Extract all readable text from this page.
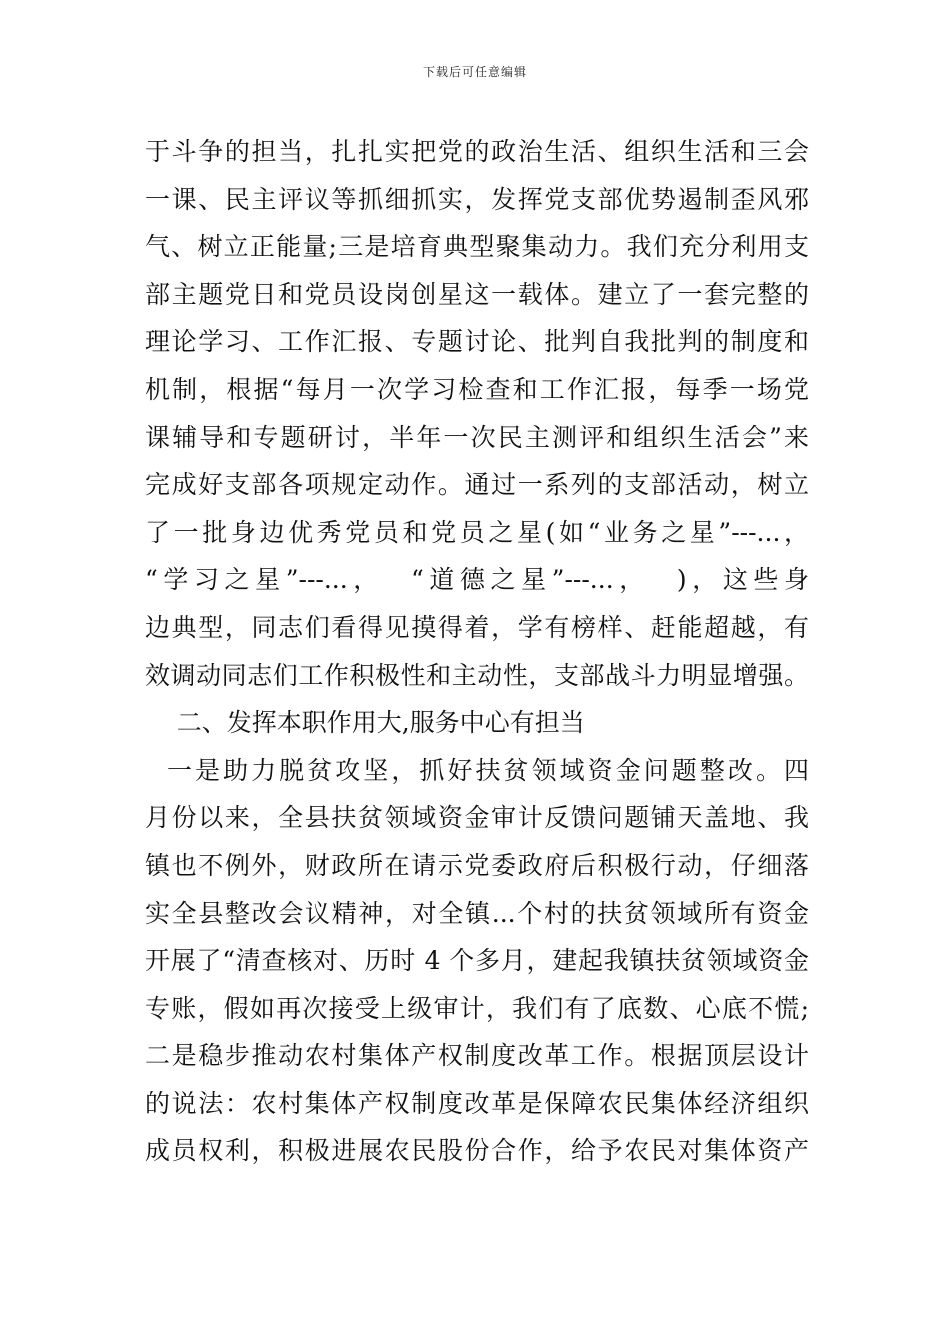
下载后可任意编辑
于斗争的担当，扎扎实把党的政治生活、组织生活和三会
一课、民主评议等抓细抓实，发挥党支部优势遏制歪风邪
气、树立正能量;三是培育典型聚集动力。我们充分利用支
部主题党日和党员设岗创星这一载体。建立了一套完整的
理论学习、工作汇报、专题讨论、批判自我批判的制度和
机制，根据“每月一次学习检查和工作汇报，每季一场党
课辅导和专题研讨，半年一次民主测评和组织生活会”来
完成好支部各项规定动作。通过一系列的支部活动，树立
了一批身边优秀党员和党员之星(如“业务之星”---...，
“学习之星”---...，  “道德之星”---...，  )，这些身
边典型，同志们看得见摸得着，学有榜样、赶能超越，有
效调动同志们工作积极性和主动性，支部战斗力明显增强。
二、发挥本职作用大,服务中心有担当
一是助力脱贫攻坚，抓好扶贫领域资金问题整改。四
月份以来，全县扶贫领域资金审计反馈问题铺天盖地、我
镇也不例外，财政所在请示党委政府后积极行动，仔细落
实全县整改会议精神，对全镇...个村的扶贫领域所有资金
开展了“清查核对、历时 4 个多月，建起我镇扶贫领域资金
专账，假如再次接受上级审计，我们有了底数、心底不慌;
二是稳步推动农村集体产权制度改革工作。根据顶层设计
的说法：农村集体产权制度改革是保障农民集体经济组织
成员权利，积极进展农民股份合作，给予农民对集体资产
